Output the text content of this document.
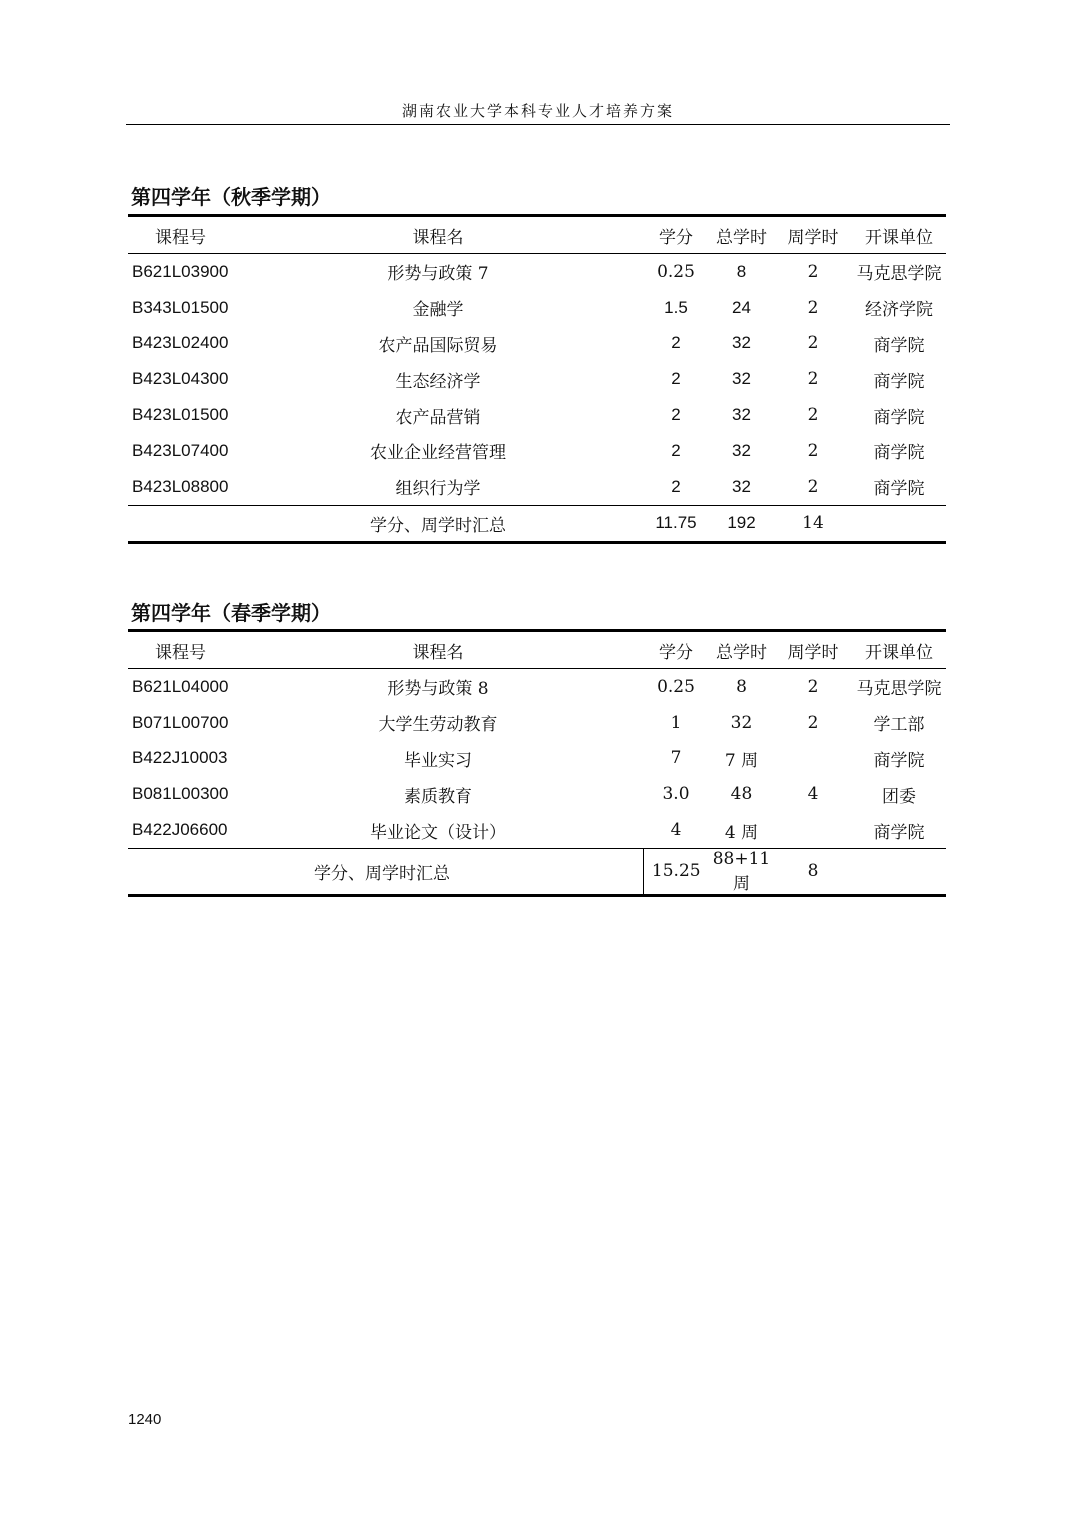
湖南农业大学本科专业人才培养方案
第四学年（秋季学期）
课程号	课程名	学分	总学时	周学时	开课单位
B621L03900	形势与政策 7	0.25	8	2	马克思学院
B343L01500	金融学	1.5	24	2	经济学院
B423L02400	农产品国际贸易	2	32	2	商学院
B423L04300	生态经济学	2	32	2	商学院
B423L01500	农产品营销	2	32	2	商学院
B423L07400	农业企业经营管理	2	32	2	商学院
B423L08800	组织行为学	2	32	2	商学院
	学分、周学时汇总	11.75	192	14	
第四学年（春季学期）
课程号	课程名	学分	总学时	周学时	开课单位
B621L04000	形势与政策 8	0.25	8	2	马克思学院
B071L00700	大学生劳动教育	1	32	2	学工部
B422J10003	毕业实习	7	7 周		商学院
B081L00300	素质教育	3.0	48	4	团委
B422J06600	毕业论文（设计）	4	4 周		商学院
学分、周学时汇总		15.25	88+11 周	8	
1240
